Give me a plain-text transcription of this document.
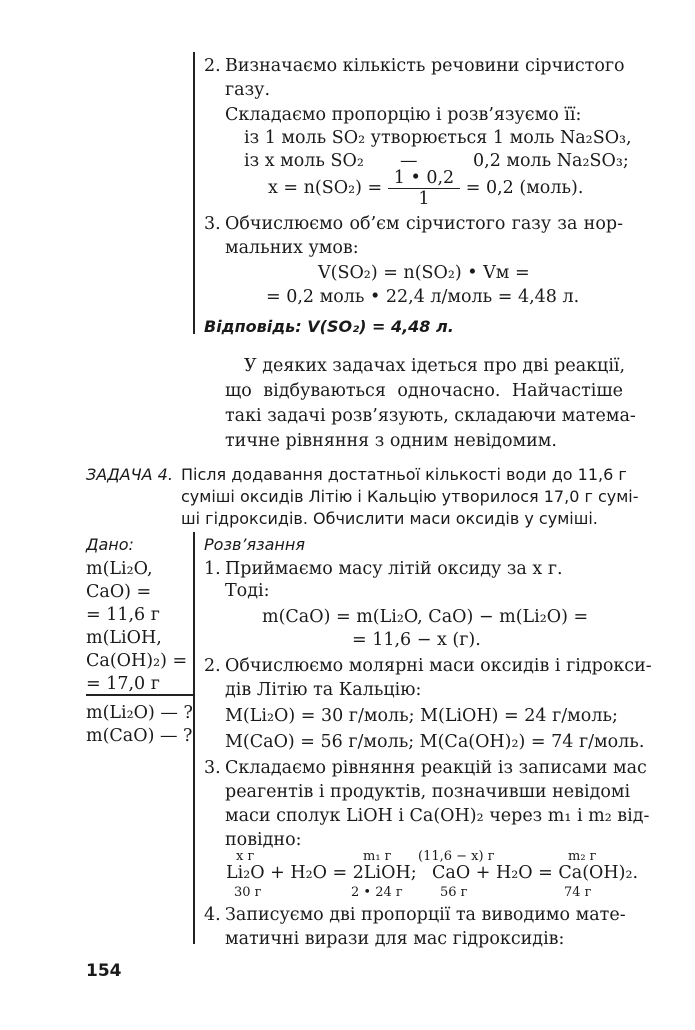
2. Визначаємо кількість речовини сірчистого
газу.
Складаємо пропорцію і розв’язуємо її:
із 1 моль SO₂ утворюється 1 моль Na₂SO₃,
із x моль SO₂ —	0,2 моль Na₂SO₃;
$x = n(SO_2) = \frac{1 • 0,2}{1} = 0,2$ (моль).
3. Обчислюємо об’єм сірчистого газу за нор-
мальних умов:
V(SO₂) = n(SO₂) • Vм =
= 0,2 моль • 22,4 л/моль = 4,48 л.
Відповідь: V(SO₂) = 4,48 л.
У деяких задачах ідеться про дві реакції,
що відбуваються одночасно. Найчастіше
такі задачі розв’язують, складаючи матема-
тичне рівняння з одним невідомим.
ЗАДАЧА 4. Після додавання достатньої кількості води до 11,6 г
суміші оксидів Літію і Кальцію утворилося 17,0 г сумі-
ші гідроксидів. Обчислити маси оксидів у суміші.
Дано:
m(Li₂O,
CaO) =
= 11,6 г
m(LiOH,
Ca(OH)₂) =
= 17,0 г
m(Li₂O) — ?
m(CaO) — ?
Розв’язання
1. Приймаємо масу літій оксиду за x г.
Тоді:
m(CaO) = m(Li₂O, CaO) − m(Li₂O) =
= 11,6 − x (г).
2. Обчислюємо молярні маси оксидів і гідрокси-
дів Літію та Кальцію:
M(Li₂O) = 30 г/моль; M(LiOH) = 24 г/моль;
M(CaO) = 56 г/моль; M(Ca(OH)₂) = 74 г/моль.
3. Складаємо рівняння реакцій із записами мас
реагентів і продуктів, позначивши невідомі
маси сполук LiOH і Ca(OH)₂ через m₁ і m₂ від-
повідно:
x г	m₁ г (11,6 − x) г	m₂ г
Li₂O + H₂O = 2LiOH; CaO + H₂O = Ca(OH)₂.
30 г	2 • 24 г	56 г	74 г
4. Записуємо дві пропорції та виводимо мате-
матичні вирази для мас гідроксидів:
154
